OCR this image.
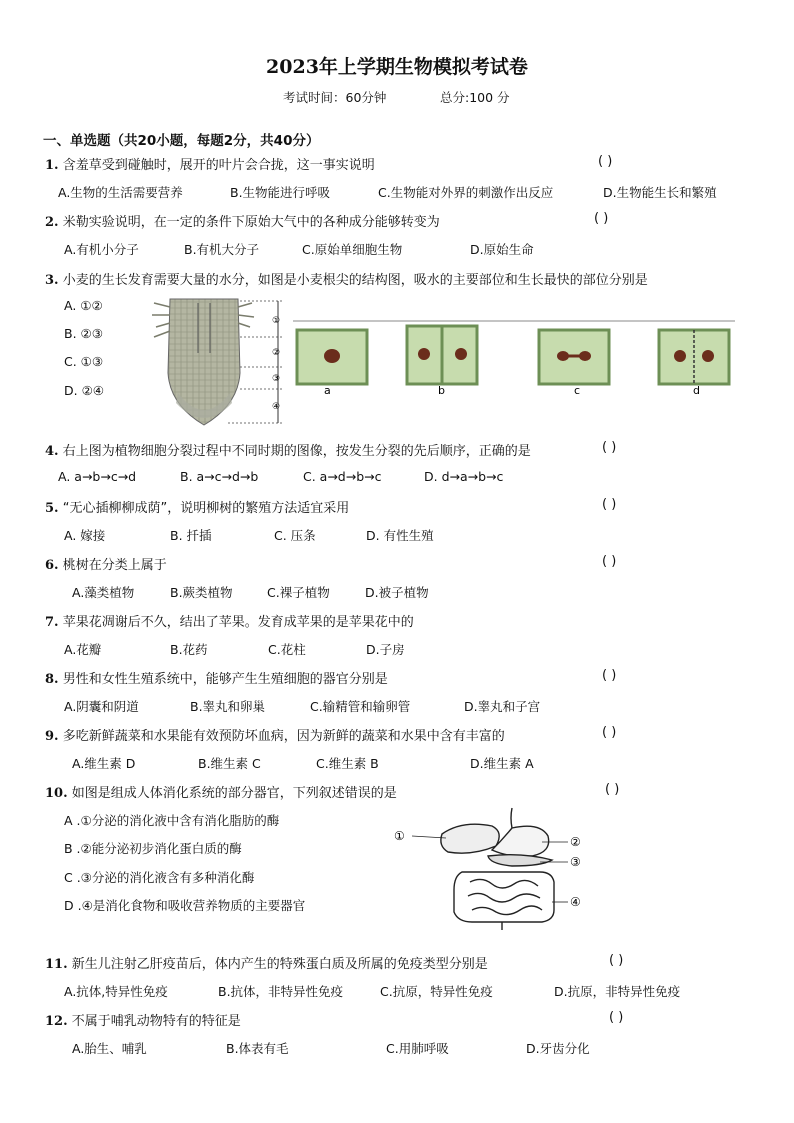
2023年上学期生物模拟考试卷
考试时间：60分钟	总分:100 分
一、单选题（共20小题，每题2分，共40分）
1. 含羞草受到碰触时，展开的叶片会合拢，这一事实说明	( )
A.生物的生活需要营养	B.生物能进行呼吸	C.生物能对外界的刺激作出反应	D.生物能生长和繁殖
2. 米勒实验说明，在一定的条件下原始大气中的各种成分能够转变为	( )
A.有机小分子	B.有机大分子	C.原始单细胞生物	D.原始生命
3. 小麦的生长发育需要大量的水分，如图是小麦根尖的结构图，吸水的主要部位和生长最快的部位分别是
A. ①②
B. ②③
C. ①③
D. ②④
①
②
③
④
a	b	c	d
4. 右上图为植物细胞分裂过程中不同时期的图像，按发生分裂的先后顺序，正确的是	( )
A. a→b→c→d	B. a→c→d→b	C. a→d→b→c	D. d→a→b→c
5. “无心插柳柳成荫”，说明柳树的繁殖方法适宜采用	( )
A. 嫁接	B. 扦插	C. 压条	D. 有性生殖
6. 桃树在分类上属于	( )
A.藻类植物	B.蕨类植物	C.裸子植物	D.被子植物
7. 苹果花凋谢后不久，结出了苹果。发育成苹果的是苹果花中的
A.花瓣	B.花药	C.花柱	D.子房
8. 男性和女性生殖系统中，能够产生生殖细胞的器官分别是	( )
A.阴囊和阴道	B.睾丸和卵巢	C.输精管和输卵管	D.睾丸和子宫
9. 多吃新鲜蔬菜和水果能有效预防坏血病，因为新鲜的蔬菜和水果中含有丰富的	( )
A.维生素 D	B.维生素 C	C.维生素 B	D.维生素 A
10. 如图是组成人体消化系统的部分器官，下列叙述错误的是	( )
A .①分泌的消化液中含有消化脂肪的酶
B .②能分泌初步消化蛋白质的酶
C .③分泌的消化液含有多种消化酶
D .④是消化食物和吸收营养物质的主要器官
①	②
③
④
11. 新生儿注射乙肝疫苗后，体内产生的特殊蛋白质及所属的免疫类型分别是	( )
A.抗体,特异性免疫	B.抗体，非特异性免疫	C.抗原，特异性免疫	D.抗原，非特异性免疫
12. 不属于哺乳动物特有的特征是	( )
A.胎生、哺乳	B.体表有毛	C.用肺呼吸	D.牙齿分化
